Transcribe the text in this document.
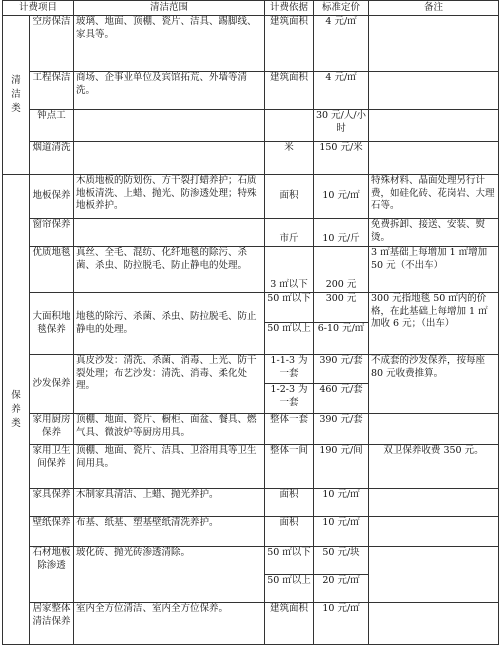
计费项目		清洁范围	计费依据	标准定价	备注

清洁类	空房保洁	玻璃、地面、顶棚、瓷片、洁具、踢脚线、家具等。	建筑面积	4 元/㎡	
	工程保洁	商场、企事业单位及宾馆拓荒、外墙等清洗。	建筑面积	4 元/㎡	
	钟点工			30 元/人/小时	
	烟道清洗		米	150 元/米	

保养类	地板保养	木质地板的防划伤、方干裂打蜡养护；石质地板清洗、上蜡、抛光、防渗透处理；特殊地板养护。	面积	10 元/㎡	特殊材料、晶面处理另行计费，如硅化砖、花岗岩、大理石等。
	窗帘保养		市斤	10 元/斤	免费拆卸、接送、安装、熨烫。
	优质地毯	真丝、全毛、混纺、化纤地毯的除污、杀菌、杀虫、防拉脱毛、防止静电的处理。	3 ㎡以下	200 元	3 ㎡基础上每增加 1 ㎡增加 50 元（不出车）
	大面积地毯保养	地毯的除污、杀菌、杀虫、防拉脱毛、防止静电的处理。	50 ㎡以下	300 元	300 元指地毯 50 ㎡内的价格，在此基础上每增加 1 ㎡加收 6 元；（出车）
			50 ㎡以上	6-10 元/㎡	
	沙发保养	真皮沙发：清洗、杀菌、消毒、上光、防干裂处理；布艺沙发：清洗、消毒、柔化处理。	1-1-3 为一套	390 元/套	不成套的沙发保养，按每座 80 元收费推算。
			1-2-3 为一套	460 元/套	
	家用厨房保养	顶棚、地面、瓷片、橱柜、面盆、餐具、燃气具、微波炉等厨房用具。	整体一套	390 元/套	
	家用卫生间保养	顶棚、地面、瓷片、洁具、卫浴用具等卫生间用具。	整体一间	190 元/间	双卫保养收费 350 元。
	家具保养	木制家具清洁、上蜡、抛光养护。	面积	10 元/㎡	
	壁纸保养	布基、纸基、塑基壁纸清洗养护。	面积	10 元/㎡	
	石材地板除渗透	玻化砖、抛光砖渗透清除。	50 ㎡以下	50 元/块	
			50 ㎡以上	20 元/㎡	
	居家整体清洁保养	室内全方位清洁、室内全方位保养。	建筑面积	10 元/㎡	
